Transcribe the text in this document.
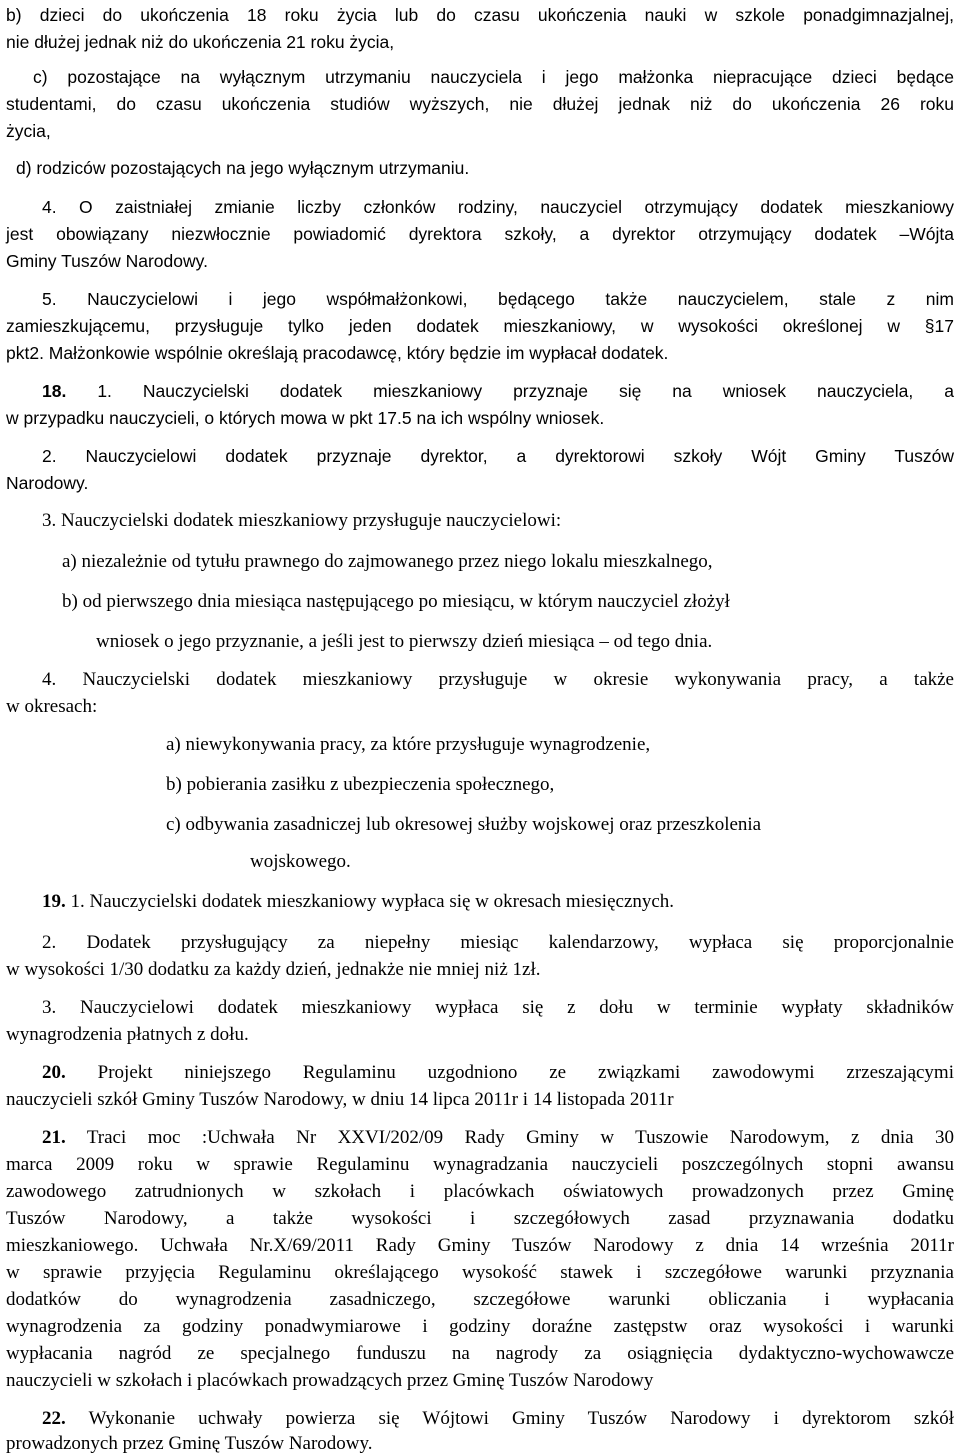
b) dzieci do ukończenia 18 roku życia lub do czasu ukończenia nauki w szkole ponadgimnazjalnej,
nie dłużej jednak niż do ukończenia 21 roku życia,
c) pozostające na wyłącznym utrzymaniu nauczyciela i jego małżonka niepracujące dzieci będące
studentami, do czasu ukończenia studiów wyższych, nie dłużej jednak niż do ukończenia 26 roku
życia,
d) rodziców pozostających na jego wyłącznym utrzymaniu.
4. O zaistniałej zmianie liczby członków rodziny, nauczyciel otrzymujący dodatek mieszkaniowy
jest obowiązany niezwłocznie powiadomić dyrektora szkoły, a dyrektor otrzymujący dodatek –Wójta
Gminy Tuszów Narodowy.
5. Nauczycielowi i jego współmałżonkowi, będącego także nauczycielem, stale z nim
zamieszkującemu, przysługuje tylko jeden dodatek mieszkaniowy, w wysokości określonej w §17
pkt2. Małżonkowie wspólnie określają pracodawcę, który będzie im wypłacał dodatek.
18. 1. Nauczycielski dodatek mieszkaniowy przyznaje się na wniosek nauczyciela, a
w przypadku nauczycieli, o których mowa w pkt 17.5 na ich wspólny wniosek.
2. Nauczycielowi dodatek przyznaje dyrektor, a dyrektorowi szkoły Wójt Gminy Tuszów
Narodowy.
3. Nauczycielski dodatek mieszkaniowy przysługuje nauczycielowi:
a) niezależnie od tytułu prawnego do zajmowanego przez niego lokalu mieszkalnego,
b) od pierwszego dnia miesiąca następującego po miesiącu, w którym nauczyciel złożył
wniosek o jego przyznanie, a jeśli jest to pierwszy dzień miesiąca – od tego dnia.
4. Nauczycielski dodatek mieszkaniowy przysługuje w okresie wykonywania pracy, a także
w okresach:
a) niewykonywania pracy, za które przysługuje wynagrodzenie,
b) pobierania zasiłku z ubezpieczenia społecznego,
c) odbywania zasadniczej lub okresowej służby wojskowej oraz przeszkolenia
wojskowego.
19. 1. Nauczycielski dodatek mieszkaniowy wypłaca się w okresach miesięcznych.
2. Dodatek przysługujący za niepełny miesiąc kalendarzowy, wypłaca się proporcjonalnie
w wysokości 1/30 dodatku za każdy dzień, jednakże nie mniej niż 1zł.
3. Nauczycielowi dodatek mieszkaniowy wypłaca się z dołu w terminie wypłaty składników
wynagrodzenia płatnych z dołu.
20. Projekt niniejszego Regulaminu uzgodniono ze związkami zawodowymi zrzeszającymi
nauczycieli szkół Gminy Tuszów Narodowy, w dniu 14 lipca 2011r i 14 listopada 2011r
21. Traci moc :Uchwała Nr XXVI/202/09 Rady Gminy w Tuszowie Narodowym, z dnia 30
marca 2009 roku w sprawie Regulaminu wynagradzania nauczycieli poszczególnych stopni awansu
zawodowego zatrudnionych w szkołach i placówkach oświatowych prowadzonych przez Gminę
Tuszów Narodowy, a także wysokości i szczegółowych zasad przyznawania dodatku
mieszkaniowego. Uchwała Nr.X/69/2011 Rady Gminy Tuszów Narodowy z dnia 14 września 2011r
w sprawie przyjęcia Regulaminu określającego wysokość stawek i szczegółowe warunki przyznania
dodatków do wynagrodzenia zasadniczego, szczegółowe warunki obliczania i wypłacania
wynagrodzenia za godziny ponadwymiarowe i godziny doraźne zastępstw oraz wysokości i warunki
wypłacania nagród ze specjalnego funduszu na nagrody za osiągnięcia dydaktyczno-wychowawcze
nauczycieli w szkołach i placówkach prowadzących przez Gminę Tuszów Narodowy
22. Wykonanie uchwały powierza się Wójtowi Gminy Tuszów Narodowy i dyrektorom szkół
prowadzonych przez Gminę Tuszów Narodowy.
